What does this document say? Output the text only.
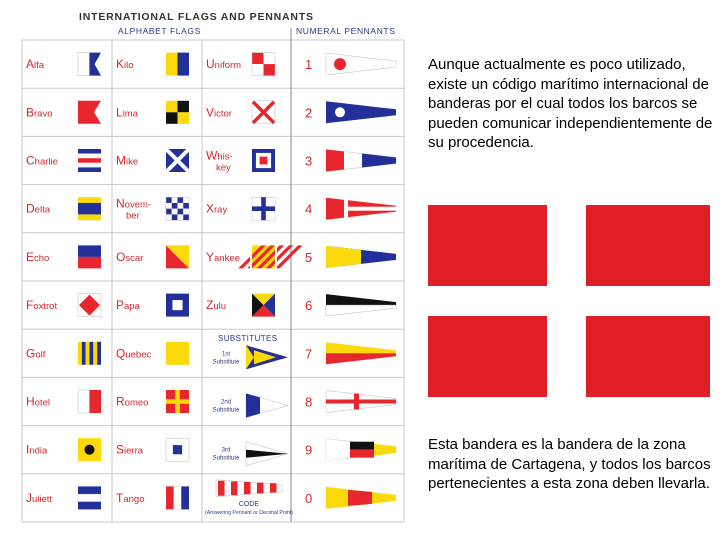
INTERNATIONAL FLAGS AND PENNANTS
ALPHABET FLAGS	NUMERAL PENNANTS
Alfa
Bravo
Charlie
Delta
Echo
Foxtrot
Golf
Hotel
India
Juliett
Kilo
Lima
Mike
Novem-
ber
Oscar
Papa
Quebec
Romeo
Sierra
Tango
Uniform
Victor
Whis-
key
Xray
Yankee
Zulu
SUBSTITUTES
1st
Substitute
2nd
Substitute
3rd
Substitute
CODE
(Answering Pennant or Decimal Point)
1
2
3
4
5
6
7
8
9
0

Aunque actualmente es poco utilizado, existe un código marítimo internacional de banderas por el cual todos los barcos se pueden comunicar independientemente de su procedencia.

Esta bandera es la bandera de la zona marítima de Cartagena, y todos los barcos pertenecientes a esta zona deben llevarla.
